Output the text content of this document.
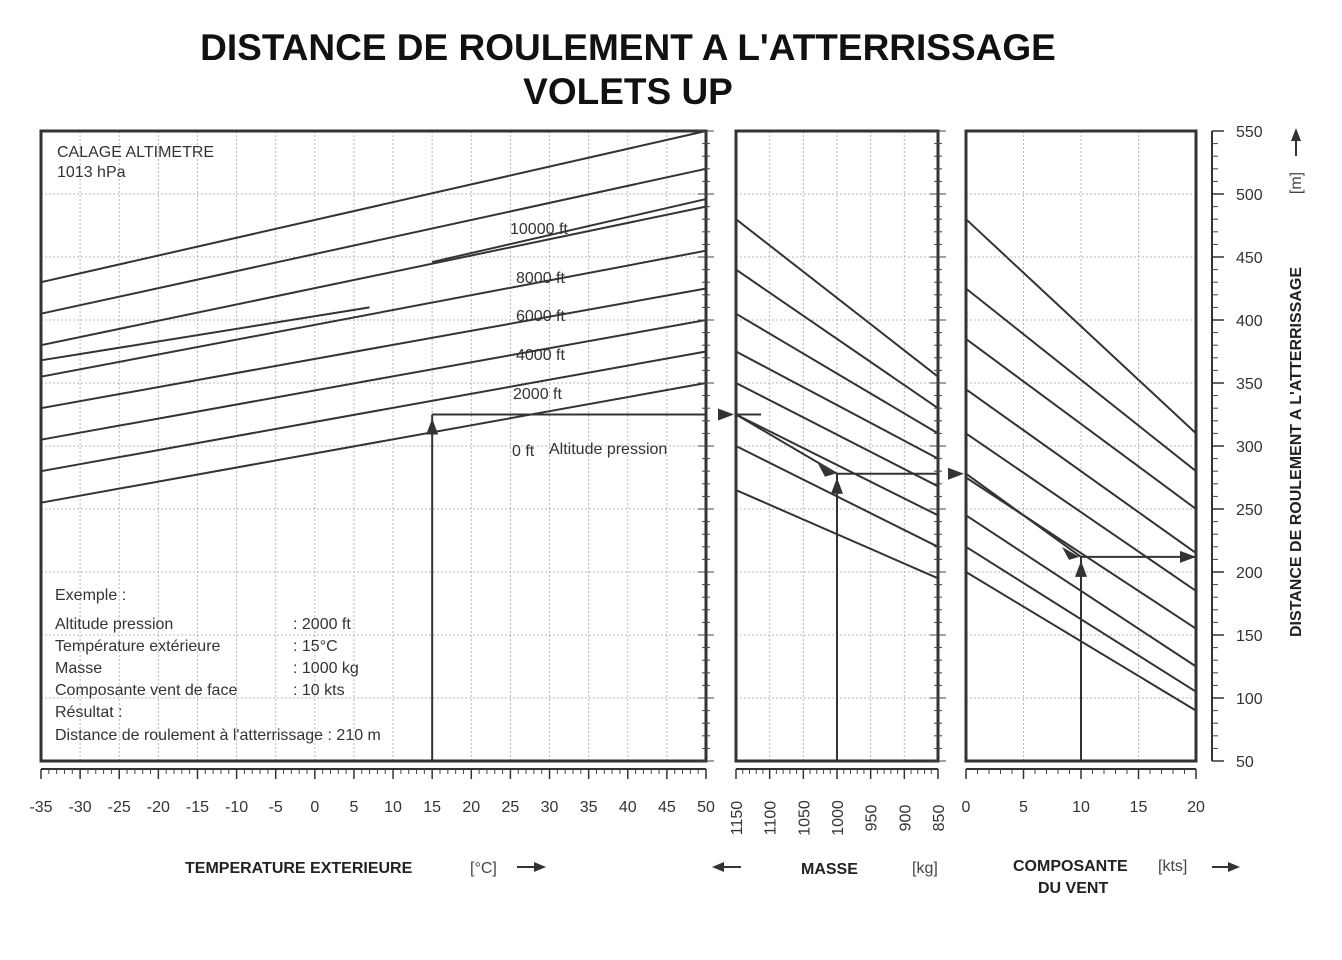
DISTANCE DE ROULEMENT A L'ATTERRISSAGE
VOLETS UP
-35 -30 -25 -20 -15 -10 -5 0 5 10 15 20 25 30 35 40 45 50 1150 1100 1050 1000 950 900 850 0	5	10 15 20
50
100
150
200
250
300
350
400
450
500
550
CALAGE ALTIMETRE
1013 hPa
Altitude pression
0 ft
2000 ft
4000 ft
6000 ft
8000 ft
10000 ft
Exemple :
Altitude pression	: 2000 ft
Température extérieure	: 15°C
Masse	: 1000 kg
Composante vent de face	: 10 kts
Résultat :
Distance de roulement à l'atterrissage : 210 m
TEMPERATURE EXTERIEURE	[°C]	MASSE	[kg]	COMPOSANTE
DU VENT
[kts]
DISTANCE DE ROULEMENT A L'ATTERRISSAGE
[m]
